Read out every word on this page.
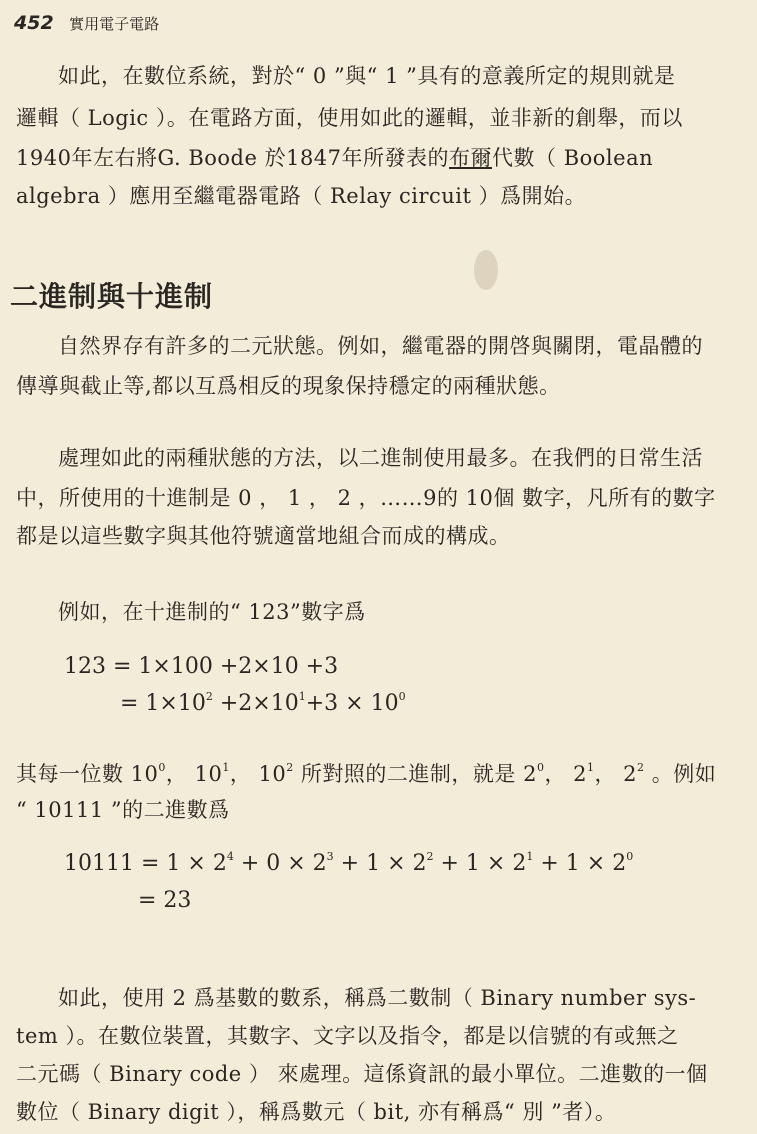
452 實用電子電路
如此，在數位系統，對於“ 0 ”與“ 1 ”具有的意義所定的規則就是
邏輯（ Logic ）。在電路方面，使用如此的邏輯，並非新的創舉，而以
1940年左右將G. Boode 於1847年所發表的布爾代數（ Boolean
algebra ）應用至繼電器電路（ Relay circuit ）爲開始。
二進制與十進制
自然界存有許多的二元狀態。例如，繼電器的開啓與關閉，電晶體的
傳導與截止等,都以互爲相反的現象保持穩定的兩種狀態。
處理如此的兩種狀態的方法，以二進制使用最多。在我們的日常生活
中，所使用的十進制是 0 ， 1 ， 2 ，……9的 10個 數字，凡所有的數字
都是以這些數字與其他符號適當地組合而成的構成。
例如，在十進制的“ 123”數字爲
123 = 1×100 +2×10 +3
= $1\times 10^2 +2\times 10^1+3 \times 10^0$
其每一位數 $10^0$， $10^1$， $10^2$ 所對照的二進制，就是 $2^0$， $2^1$， $2^2$ 。例如
“ 10111 ”的二進數爲
$10111 = 1 \times 2^4 + 0 \times 2^3 + 1 \times 2^2 + 1 \times 2^1 + 1 \times 2^0$
= 23
如此，使用 2 爲基數的數系，稱爲二數制（ Binary number sys-
tem ）。在數位裝置，其數字、文字以及指令，都是以信號的有或無之
二元碼（ Binary code ） 來處理。這係資訊的最小單位。二進數的一個
數位（ Binary digit ），稱爲數元（ bit, 亦有稱爲“ 別 ”者）。
